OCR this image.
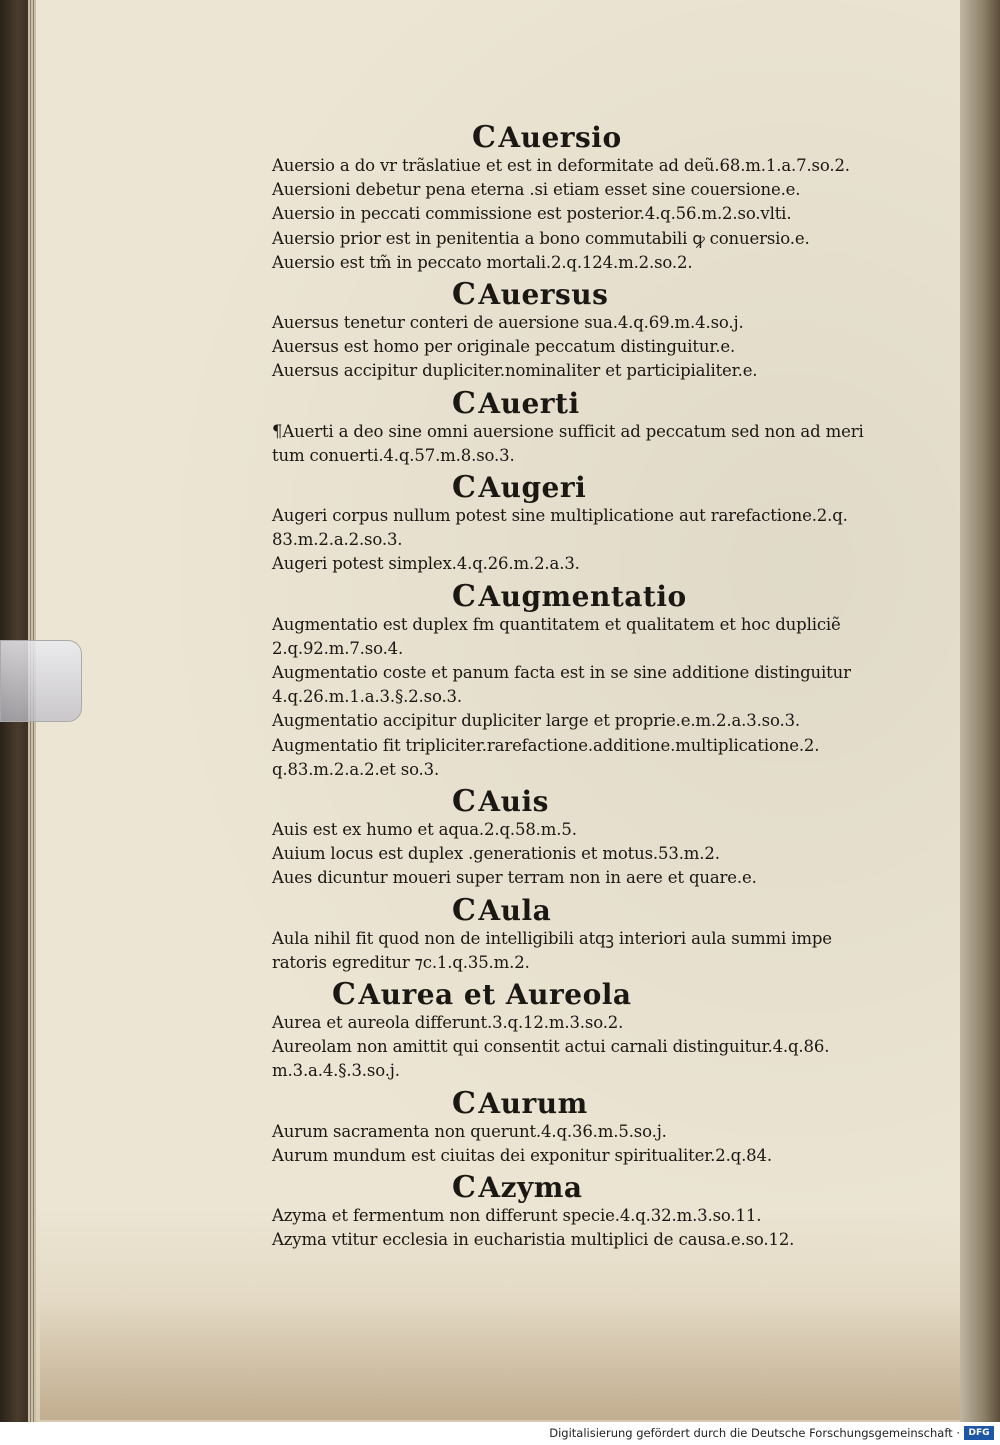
CAuersio
Auersio a do vr trãslatiue et est in deformitate ad deũ.68.m.1.a.7.so.2.
Auersioni debetur pena eterna .si etiam esset sine couersione.e.
Auersio in peccati commissione est posterior.4.q.56.m.2.so.vlti.
Auersio prior est in penitentia a bono commutabili ꝙ conuersio.e.
Auersio est tm̃ in peccato mortali.2.q.124.m.2.so.2.
CAuersus
Auersus tenetur conteri de auersione sua.4.q.69.m.4.so.j.
Auersus est homo per originale peccatum distinguitur.e.
Auersus accipitur dupliciter.nominaliter et participialiter.e.
CAuerti
¶Auerti a deo sine omni auersione sufficit ad peccatum sed non ad meri
tum conuerti.4.q.57.m.8.so.3.
CAugeri
Augeri corpus nullum potest sine multiplicatione aut rarefactione.2.q.
83.m.2.a.2.so.3.
Augeri potest simplex.4.q.26.m.2.a.3.
CAugmentatio
Augmentatio est duplex fm quantitatem et qualitatem et hoc dupliciẽ
2.q.92.m.7.so.4.
Augmentatio coste et panum facta est in se sine additione distinguitur
4.q.26.m.1.a.3.§.2.so.3.
Augmentatio accipitur dupliciter large et proprie.e.m.2.a.3.so.3.
Augmentatio fit tripliciter.rarefactione.additione.multiplicatione.2.
q.83.m.2.a.2.et so.3.
CAuis
Auis est ex humo et aqua.2.q.58.m.5.
Auium locus est duplex .generationis et motus.53.m.2.
Aues dicuntur moueri super terram non in aere et quare.e.
CAula
Aula nihil fit quod non de intelligibili atqꝫ interiori aula summi impe
ratoris egreditur ⁊c.1.q.35.m.2.
CAurea et Aureola
Aurea et aureola differunt.3.q.12.m.3.so.2.
Aureolam non amittit qui consentit actui carnali distinguitur.4.q.86.
m.3.a.4.§.3.so.j.
CAurum
Aurum sacramenta non querunt.4.q.36.m.5.so.j.
Aurum mundum est ciuitas dei exponitur spiritualiter.2.q.84.
CAzyma
Azyma et fermentum non differunt specie.4.q.32.m.3.so.11.
Azyma vtitur ecclesia in eucharistia multiplici de causa.e.so.12.
Digitalisierung gefördert durch die Deutsche Forschungsgemeinschaft · DFG
